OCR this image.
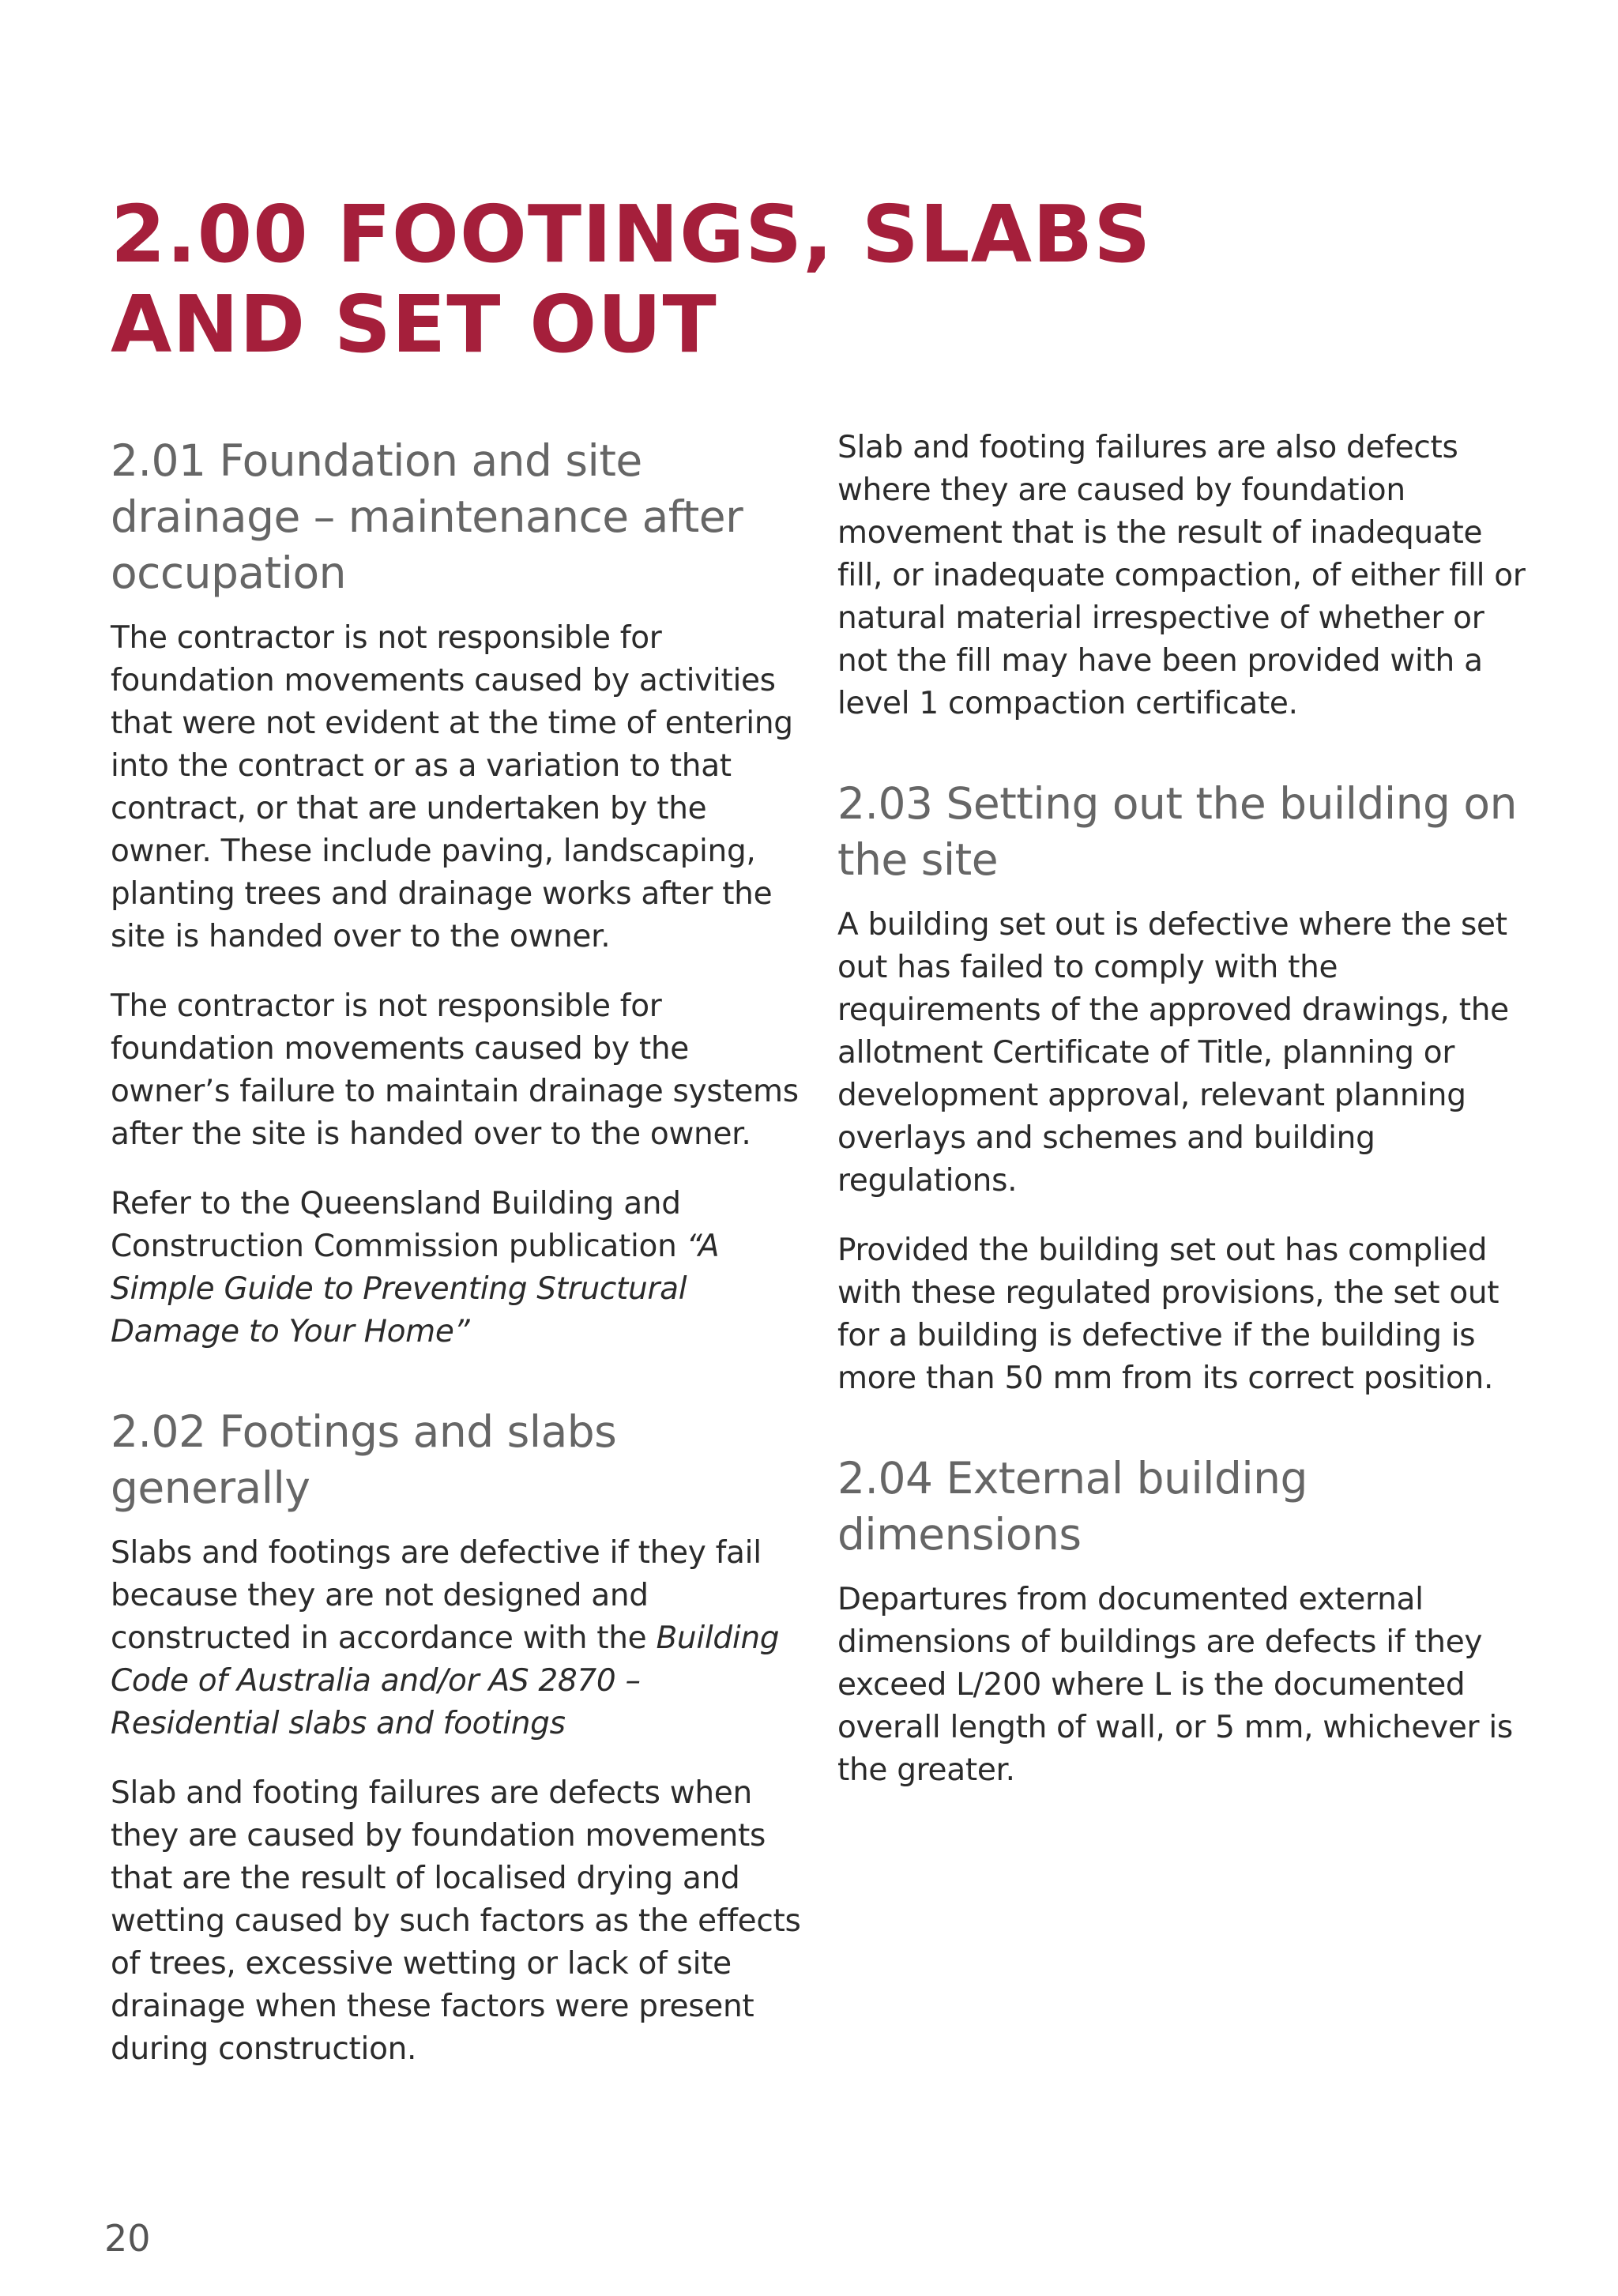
2.00 FOOTINGS, SLABS
AND SET OUT
2.01 Foundation and site drainage – maintenance after occupation

The contractor is not responsible for foundation movements caused by activities that were not evident at the time of entering into the contract or as a variation to that contract, or that are undertaken by the owner. These include paving, landscaping, planting trees and drainage works after the site is handed over to the owner.

The contractor is not responsible for foundation movements caused by the owner’s failure to maintain drainage systems after the site is handed over to the owner.

Refer to the Queensland Building and Construction Commission publication “A Simple Guide to Preventing Structural Damage to Your Home”

2.02 Footings and slabs generally

Slabs and footings are defective if they fail because they are not designed and constructed in accordance with the Building Code of Australia and/or AS 2870 – Residential slabs and footings

Slab and footing failures are defects when they are caused by foundation movements that are the result of localised drying and wetting caused by such factors as the effects of trees, excessive wetting or lack of site drainage when these factors were present during construction.

Slab and footing failures are also defects where they are caused by foundation movement that is the result of inadequate fill, or inadequate compaction, of either fill or natural material irrespective of whether or not the fill may have been provided with a level 1 compaction certificate.

2.03 Setting out the building on the site

A building set out is defective where the set out has failed to comply with the requirements of the approved drawings, the allotment Certificate of Title, planning or development approval, relevant planning overlays and schemes and building regulations.

Provided the building set out has complied with these regulated provisions, the set out for a building is defective if the building is more than 50 mm from its correct position.

2.04 External building dimensions

Departures from documented external dimensions of buildings are defects if they exceed L/200 where L is the documented overall length of wall, or 5 mm, whichever is the greater.

20
